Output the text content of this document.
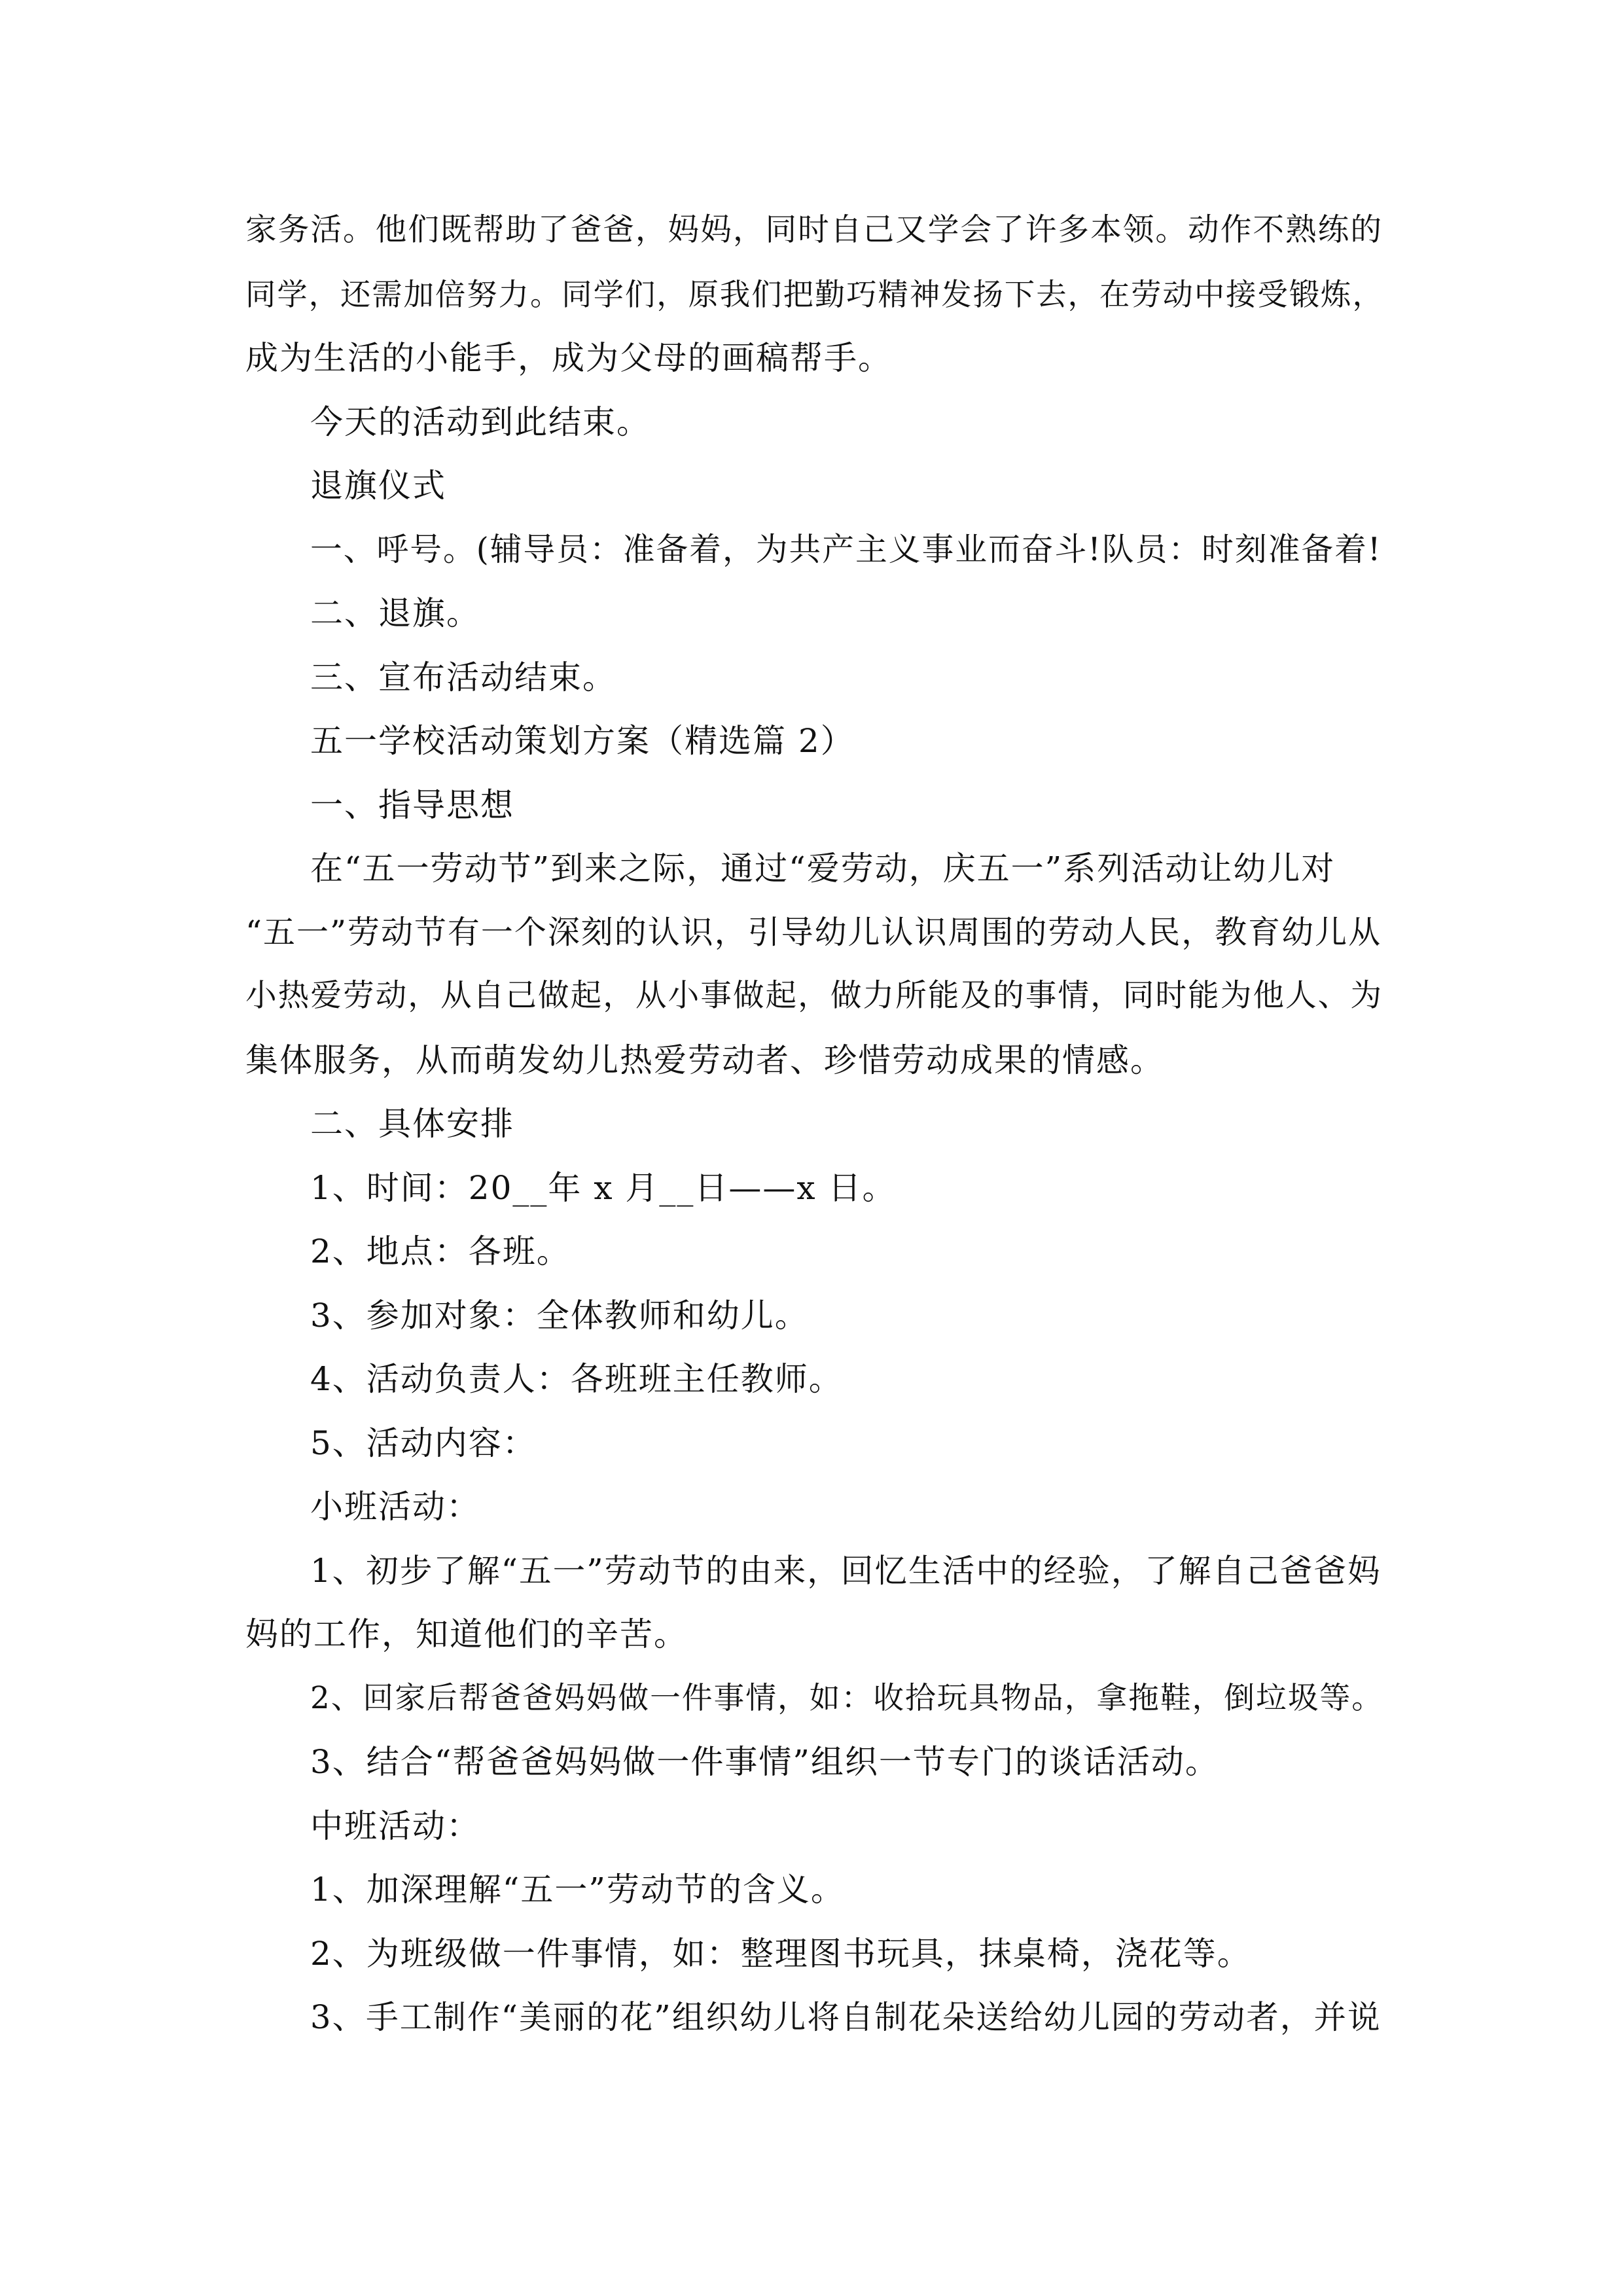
家务活。他们既帮助了爸爸，妈妈，同时自己又学会了许多本领。动作不熟练的
同学，还需加倍努力。同学们，原我们把勤巧精神发扬下去，在劳动中接受锻炼，
成为生活的小能手，成为父母的画稿帮手。
今天的活动到此结束。
退旗仪式
一、呼号。(辅导员：准备着，为共产主义事业而奋斗!队员：时刻准备着!
二、退旗。
三、宣布活动结束。
五一学校活动策划方案（精选篇 2）
一、指导思想
在“五一劳动节”到来之际，通过“爱劳动，庆五一”系列活动让幼儿对
“五一”劳动节有一个深刻的认识，引导幼儿认识周围的劳动人民，教育幼儿从
小热爱劳动，从自己做起，从小事做起，做力所能及的事情，同时能为他人、为
集体服务，从而萌发幼儿热爱劳动者、珍惜劳动成果的情感。
二、具体安排
1、时间：20__年 x 月__日——x 日。
2、地点：各班。
3、参加对象：全体教师和幼儿。
4、活动负责人：各班班主任教师。
5、活动内容：
小班活动：
1、初步了解“五一”劳动节的由来，回忆生活中的经验，了解自己爸爸妈
妈的工作，知道他们的辛苦。
2、回家后帮爸爸妈妈做一件事情，如：收拾玩具物品，拿拖鞋，倒垃圾等。
3、结合“帮爸爸妈妈做一件事情”组织一节专门的谈话活动。
中班活动：
1、加深理解“五一”劳动节的含义。
2、为班级做一件事情，如：整理图书玩具，抹桌椅，浇花等。
3、手工制作“美丽的花”组织幼儿将自制花朵送给幼儿园的劳动者，并说
